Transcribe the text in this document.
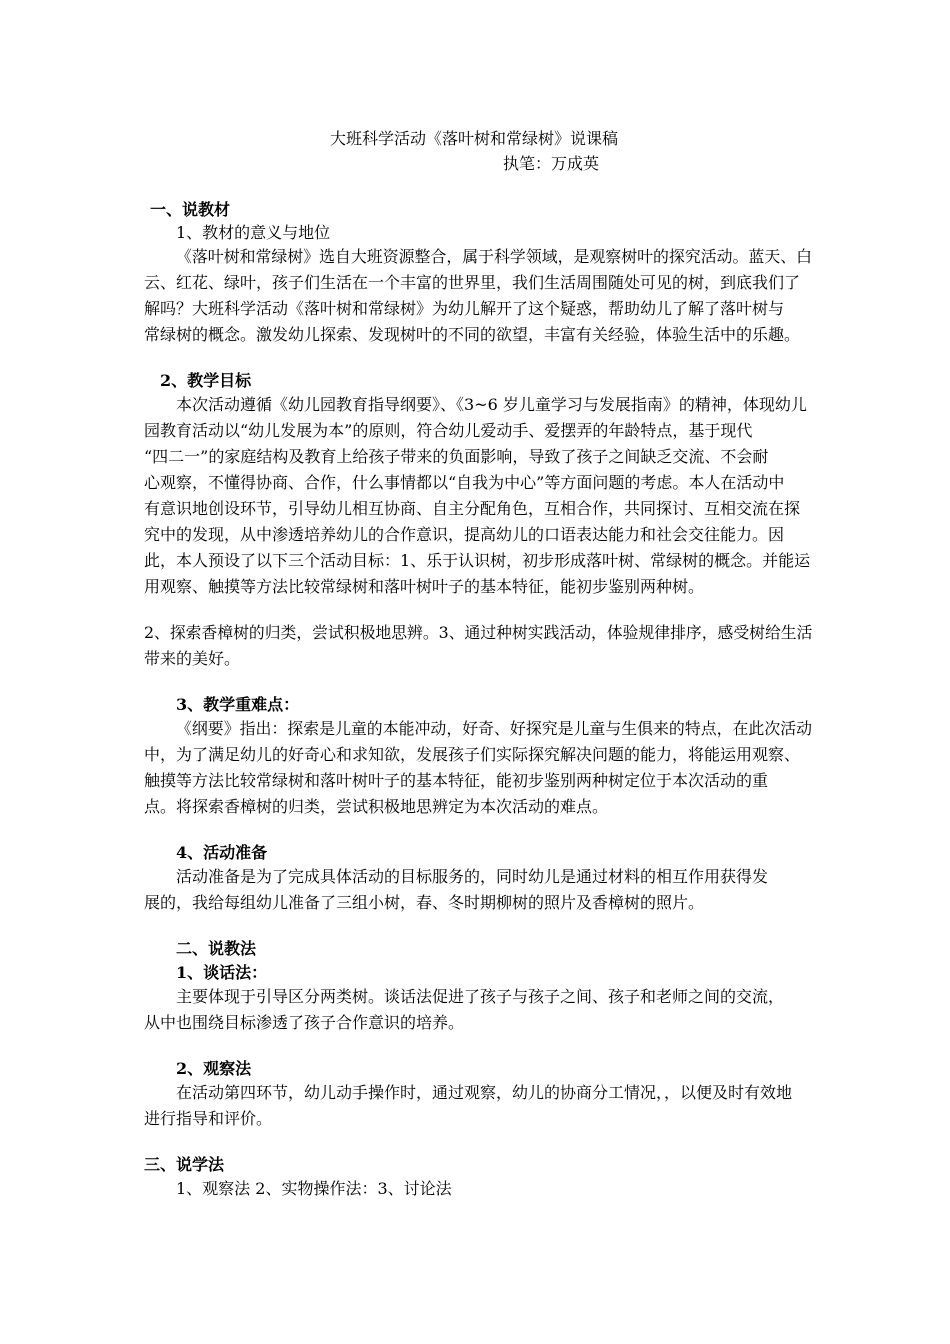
大班科学活动《落叶树和常绿树》说课稿
执笔：万成英
一、说教材
1、教材的意义与地位
《落叶树和常绿树》选自大班资源整合，属于科学领域，是观察树叶的探究活动。蓝天、白
云、红花、绿叶，孩子们生活在一个丰富的世界里，我们生活周围随处可见的树，到底我们了
解吗？大班科学活动《落叶树和常绿树》为幼儿解开了这个疑惑，帮助幼儿了解了落叶树与
常绿树的概念。激发幼儿探索、发现树叶的不同的欲望，丰富有关经验，体验生活中的乐趣。
2、教学目标
本次活动遵循《幼儿园教育指导纲要》、《3~6 岁儿童学习与发展指南》的精神，体现幼儿
园教育活动以“幼儿发展为本”的原则，符合幼儿爱动手、爱摆弄的年龄特点，基于现代
“四二一”的家庭结构及教育上给孩子带来的负面影响，导致了孩子之间缺乏交流、不会耐
心观察，不懂得协商、合作，什么事情都以“自我为中心”等方面问题的考虑。本人在活动中
有意识地创设环节，引导幼儿相互协商、自主分配角色，互相合作，共同探讨、互相交流在探
究中的发现，从中渗透培养幼儿的合作意识，提高幼儿的口语表达能力和社会交往能力。因
此，本人预设了以下三个活动目标：1、乐于认识树，初步形成落叶树、常绿树的概念。并能运
用观察、触摸等方法比较常绿树和落叶树叶子的基本特征，能初步鉴别两种树。
2、探索香樟树的归类，尝试积极地思辨。3、通过种树实践活动，体验规律排序，感受树给生活
带来的美好。
3、教学重难点：
《纲要》指出：探索是儿童的本能冲动，好奇、好探究是儿童与生俱来的特点，在此次活动
中，为了满足幼儿的好奇心和求知欲，发展孩子们实际探究解决问题的能力，将能运用观察、
触摸等方法比较常绿树和落叶树叶子的基本特征，能初步鉴别两种树定位于本次活动的重
点。将探索香樟树的归类，尝试积极地思辨定为本次活动的难点。
4、活动准备
活动准备是为了完成具体活动的目标服务的，同时幼儿是通过材料的相互作用获得发
展的，我给每组幼儿准备了三组小树，春、冬时期柳树的照片及香樟树的照片。
二、说教法
1、谈话法：
主要体现于引导区分两类树。谈话法促进了孩子与孩子之间、孩子和老师之间的交流，
从中也围绕目标渗透了孩子合作意识的培养。
2、观察法
在活动第四环节，幼儿动手操作时，通过观察，幼儿的协商分工情况，，以便及时有效地
进行指导和评价。
三、说学法
1、观察法 2、实物操作法：3、讨论法
